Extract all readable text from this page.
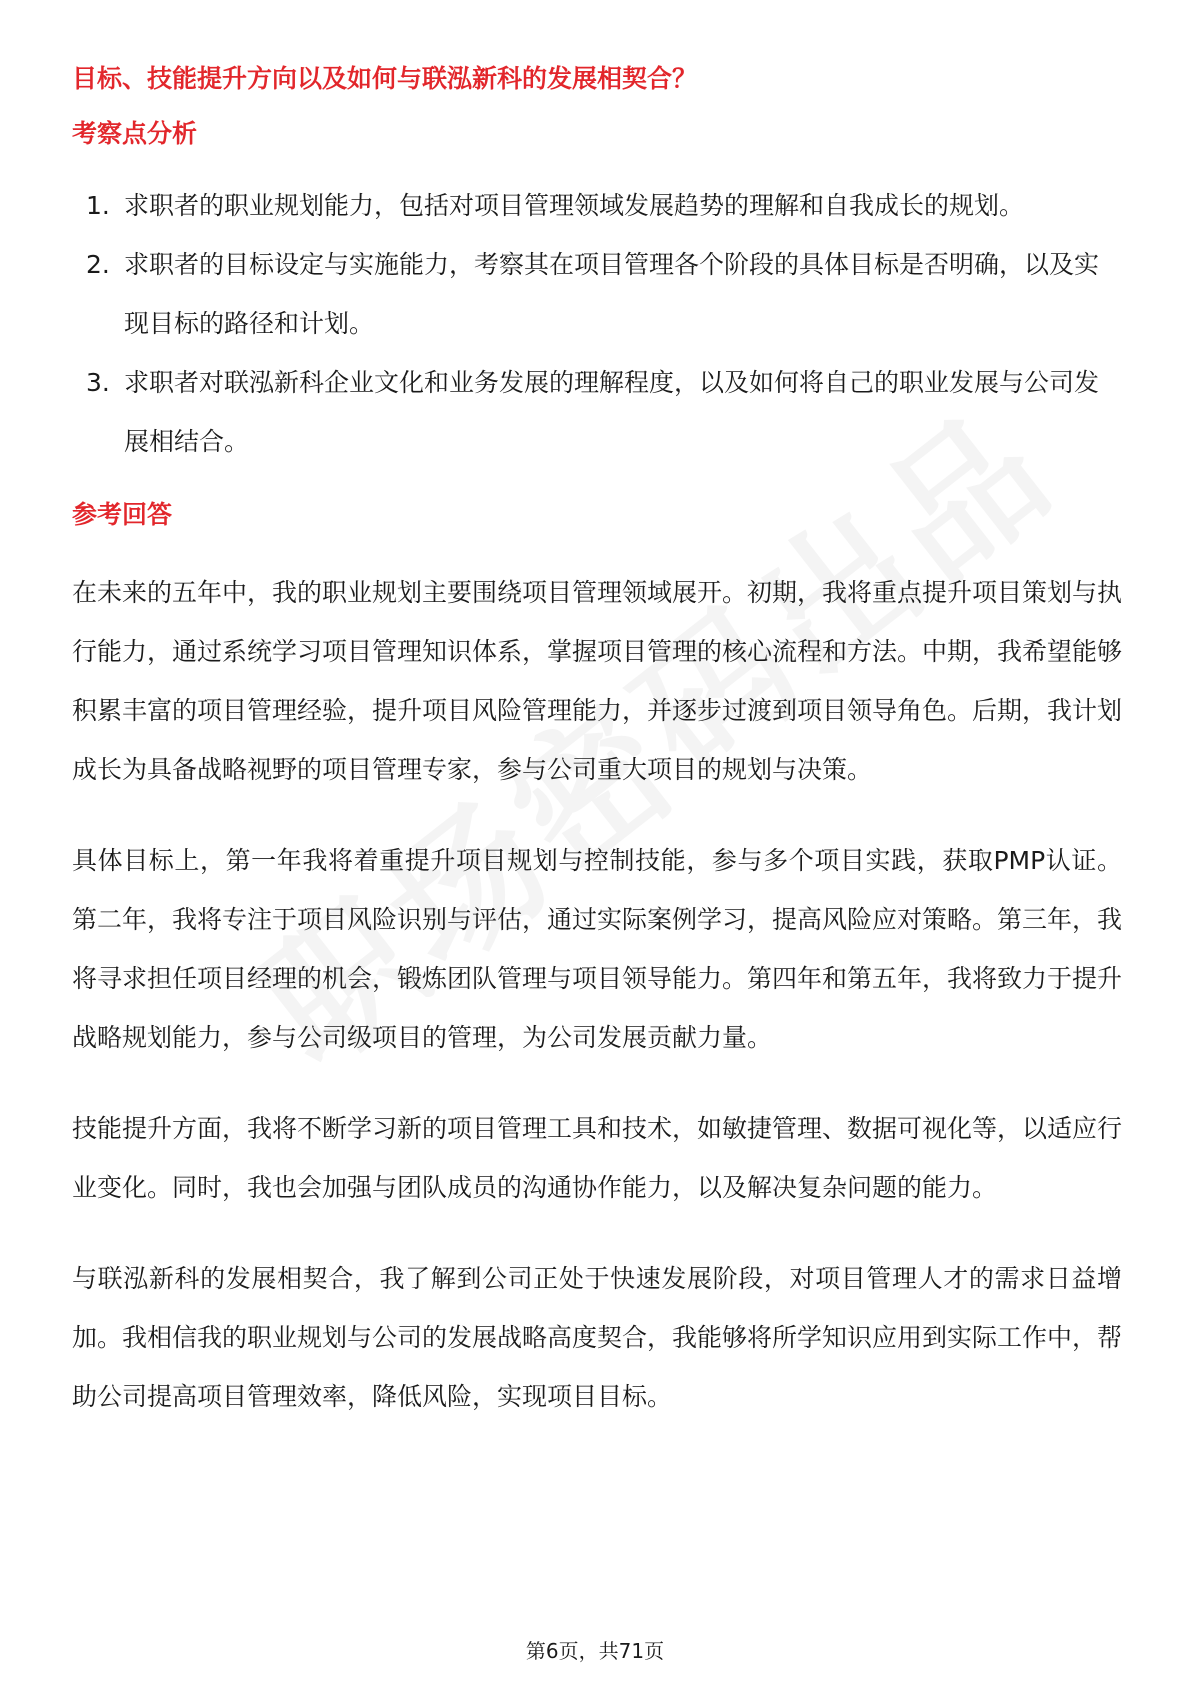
目标、技能提升方向以及如何与联泓新科的发展相契合？
考察点分析
1. 求职者的职业规划能力，包括对项目管理领域发展趋势的理解和自我成长的规划。
2. 求职者的目标设定与实施能力，考察其在项目管理各个阶段的具体目标是否明确，以及实现目标的路径和计划。
3. 求职者对联泓新科企业文化和业务发展的理解程度，以及如何将自己的职业发展与公司发展相结合。
参考回答

在未来的五年中，我的职业规划主要围绕项目管理领域展开。初期，我将重点提升项目策划与执行能力，通过系统学习项目管理知识体系，掌握项目管理的核心流程和方法。中期，我希望能够积累丰富的项目管理经验，提升项目风险管理能力，并逐步过渡到项目领导角色。后期，我计划成长为具备战略视野的项目管理专家，参与公司重大项目的规划与决策。

具体目标上，第一年我将着重提升项目规划与控制技能，参与多个项目实践，获取PMP认证。第二年，我将专注于项目风险识别与评估，通过实际案例学习，提高风险应对策略。第三年，我将寻求担任项目经理的机会，锻炼团队管理与项目领导能力。第四年和第五年，我将致力于提升战略规划能力，参与公司级项目的管理，为公司发展贡献力量。

技能提升方面，我将不断学习新的项目管理工具和技术，如敏捷管理、数据可视化等，以适应行业变化。同时，我也会加强与团队成员的沟通协作能力，以及解决复杂问题的能力。

与联泓新科的发展相契合，我了解到公司正处于快速发展阶段，对项目管理人才的需求日益增加。我相信我的职业规划与公司的发展战略高度契合，我能够将所学知识应用到实际工作中，帮助公司提高项目管理效率，降低风险，实现项目目标。

第6页，共71页
